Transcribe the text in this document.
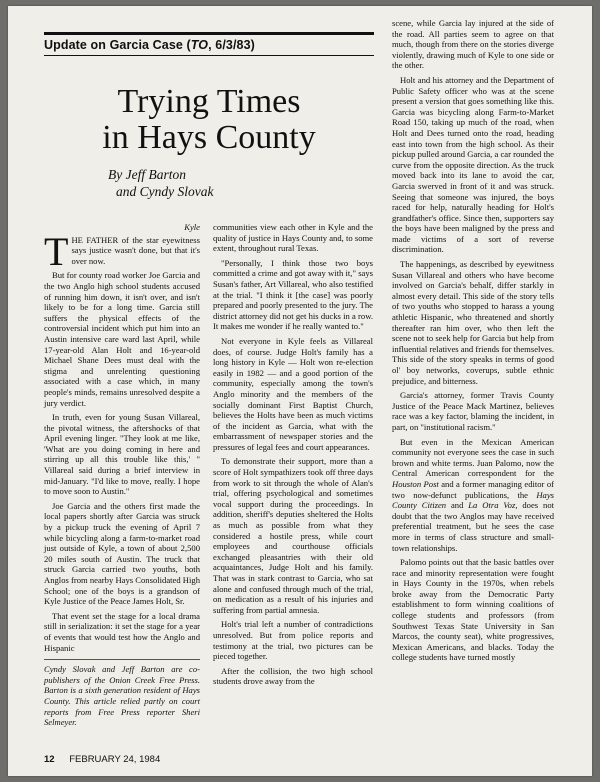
Update on Garcia Case (TO, 6/3/83)
Trying Times
in Hays County
By Jeff Barton
and Cyndy Slovak
Kyle

THE FATHER of the star eyewitness says justice wasn't done, but that it's over now.

But for county road worker Joe Garcia and the two Anglo high school students accused of running him down, it isn't over, and isn't likely to be for a long time. Garcia still suffers the physical effects of the controversial incident which put him into an Austin intensive care ward last April, while 17-year-old Alan Holt and 16-year-old Michael Shane Dees must deal with the stigma and unrelenting questioning associated with a case which, in many people's minds, remains unresolved despite a jury verdict.

In truth, even for young Susan Villareal, the pivotal witness, the aftershocks of that April evening linger. "They look at me like, 'What are you doing coming in here and stirring up all this trouble like this,' " Villareal said during a brief interview in mid-January. "I'd like to move, really. I hope to move soon to Austin."

Joe Garcia and the others first made the local papers shortly after Garcia was struck by a pickup truck the evening of April 7 while bicycling along a farm-to-market road just outside of Kyle, a town of about 2,500 20 miles south of Austin. The truck that struck Garcia carried two youths, both Anglos from nearby Hays Consolidated High School; one of the boys is a grandson of Kyle Justice of the Peace James Holt, Sr.

That event set the stage for a local drama still in serialization: it set the stage for a year of events that would test how the Anglo and Hispanic

Cyndy Slovak and Jeff Barton are co-publishers of the Onion Creek Free Press. Barton is a sixth generation resident of Hays County. This article relied partly on court reports from Free Press reporter Sheri Selmeyer.

communities view each other in Kyle and the quality of justice in Hays County and, to some extent, throughout rural Texas.

"Personally, I think those two boys committed a crime and got away with it," says Susan's father, Art Villareal, who also testified at the trial. "I think it [the case] was poorly prepared and poorly presented to the jury. The district attorney did not get his ducks in a row. It makes me wonder if he really wanted to."

Not everyone in Kyle feels as Villareal does, of course. Judge Holt's family has a long history in Kyle — Holt won re-election easily in 1982 — and a good portion of the community, especially among the town's Anglo minority and the members of the socially dominant First Baptist Church, believes the Holts have been as much victims of the incident as Garcia, what with the embarrassment of newspaper stories and the pressures of legal fees and court appearances.

To demonstrate their support, more than a score of Holt sympathizers took off three days from work to sit through the whole of Alan's trial, offering psychological and sometimes vocal support during the proceedings. In addition, sheriff's deputies sheltered the Holts as much as possible from what they considered a hostile press, while court employees and courthouse officials exchanged pleasantries with their old acquaintances, Judge Holt and his family. That was in stark contrast to Garcia, who sat alone and confused through much of the trial, on medication as a result of his injuries and suffering from partial amnesia.

Holt's trial left a number of contradictions unresolved. But from police reports and testimony at the trial, two pictures can be pieced together.

After the collision, the two high school students drove away from the

scene, while Garcia lay injured at the side of the road. All parties seem to agree on that much, though from there on the stories diverge violently, drawing much of Kyle to one side or the other.

Holt and his attorney and the Department of Public Safety officer who was at the scene present a version that goes something like this. Garcia was bicycling along Farm-to-Market Road 150, taking up much of the road, when Holt and Dees turned onto the road, heading east into town from the high school. As their pickup pulled around Garcia, a car rounded the curve from the opposite direction. As the truck moved back into its lane to avoid the car, Garcia swerved in front of it and was struck. Seeing that someone was injured, the boys raced for help, naturally heading for Holt's grandfather's office. Since then, supporters say the boys have been maligned by the press and made victims of a sort of reverse discrimination.

The happenings, as described by eyewitness Susan Villareal and others who have become involved on Garcia's behalf, differ starkly in almost every detail. This side of the story tells of two youths who stopped to harass a young athletic Hispanic, who threatened and shortly thereafter ran him over, who then left the scene not to seek help for Garcia but help from influential relatives and friends for themselves. This side of the story speaks in terms of good ol' boy networks, coverups, subtle ethnic prejudice, and bitterness.

Garcia's attorney, former Travis County Justice of the Peace Mack Martinez, believes race was a key factor, blaming the incident, in part, on "institutional racism."

But even in the Mexican American community not everyone sees the case in such brown and white terms. Juan Palomo, now the Central American correspondent for the Houston Post and a former managing editor of two now-defunct publications, the Hays County Citizen and La Otra Voz, does not doubt that the two Anglos may have received preferential treatment, but he sees the case more in terms of class structure and small-town relationships.

Palomo points out that the basic battles over race and minority representation were fought in Hays County in the 1970s, when rebels broke away from the Democratic Party establishment to form winning coalitions of college students and professors (from Southwest Texas State University in San Marcos, the county seat), white progressives, Mexican Americans, and blacks. Today the college students have turned mostly

12 FEBRUARY 24, 1984
